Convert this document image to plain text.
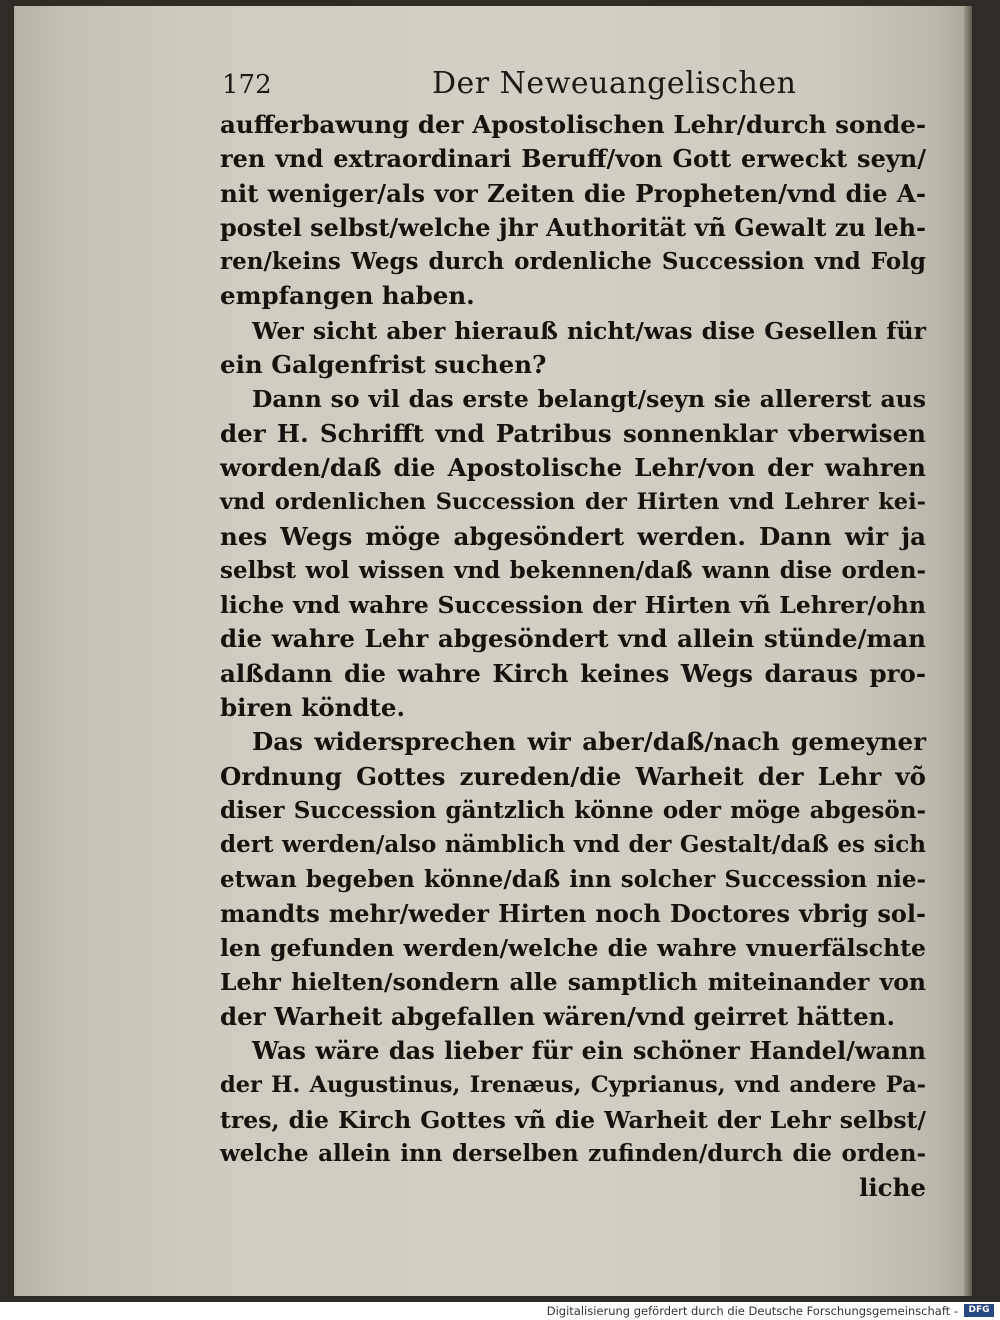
172	Der Neweuangelischen
aufferbawung der Apostolischen Lehr/durch sonde-
ren vnd extraordinari Beruff/von Gott erweckt seyn/
nit weniger/als vor Zeiten die Propheten/vnd die A-
postel selbst/welche jhr Authorität vñ Gewalt zu leh-
ren/keins Wegs durch ordenliche Succession vnd Folg
empfangen haben.
Wer sicht aber hierauß nicht/was dise Gesellen für
ein Galgenfrist suchen?
Dann so vil das erste belangt/seyn sie allererst aus
der H. Schrifft vnd Patribus sonnenklar vberwisen
worden/daß die Apostolische Lehr/von der wahren
vnd ordenlichen Succession der Hirten vnd Lehrer kei-
nes Wegs möge abgesöndert werden. Dann wir ja
selbst wol wissen vnd bekennen/daß wann dise orden-
liche vnd wahre Succession der Hirten vñ Lehrer/ohn
die wahre Lehr abgesöndert vnd allein stünde/man
alßdann die wahre Kirch keines Wegs daraus pro-
biren köndte.
Das widersprechen wir aber/daß/nach gemeyner
Ordnung Gottes zureden/die Warheit der Lehr võ
diser Succession gäntzlich könne oder möge abgesön-
dert werden/also nämblich vnd der Gestalt/daß es sich
etwan begeben könne/daß inn solcher Succession nie-
mandts mehr/weder Hirten noch Doctores vbrig sol-
len gefunden werden/welche die wahre vnuerfälschte
Lehr hielten/sondern alle samptlich miteinander von
der Warheit abgefallen wären/vnd geirret hätten.
Was wäre das lieber für ein schöner Handel/wann
der H. Augustinus, Irenæus, Cyprianus, vnd andere Pa-
tres, die Kirch Gottes vñ die Warheit der Lehr selbst/
welche allein inn derselben zufinden/durch die orden-
liche
Digitalisierung gefördert durch die Deutsche Forschungsgemeinschaft -	DFG
